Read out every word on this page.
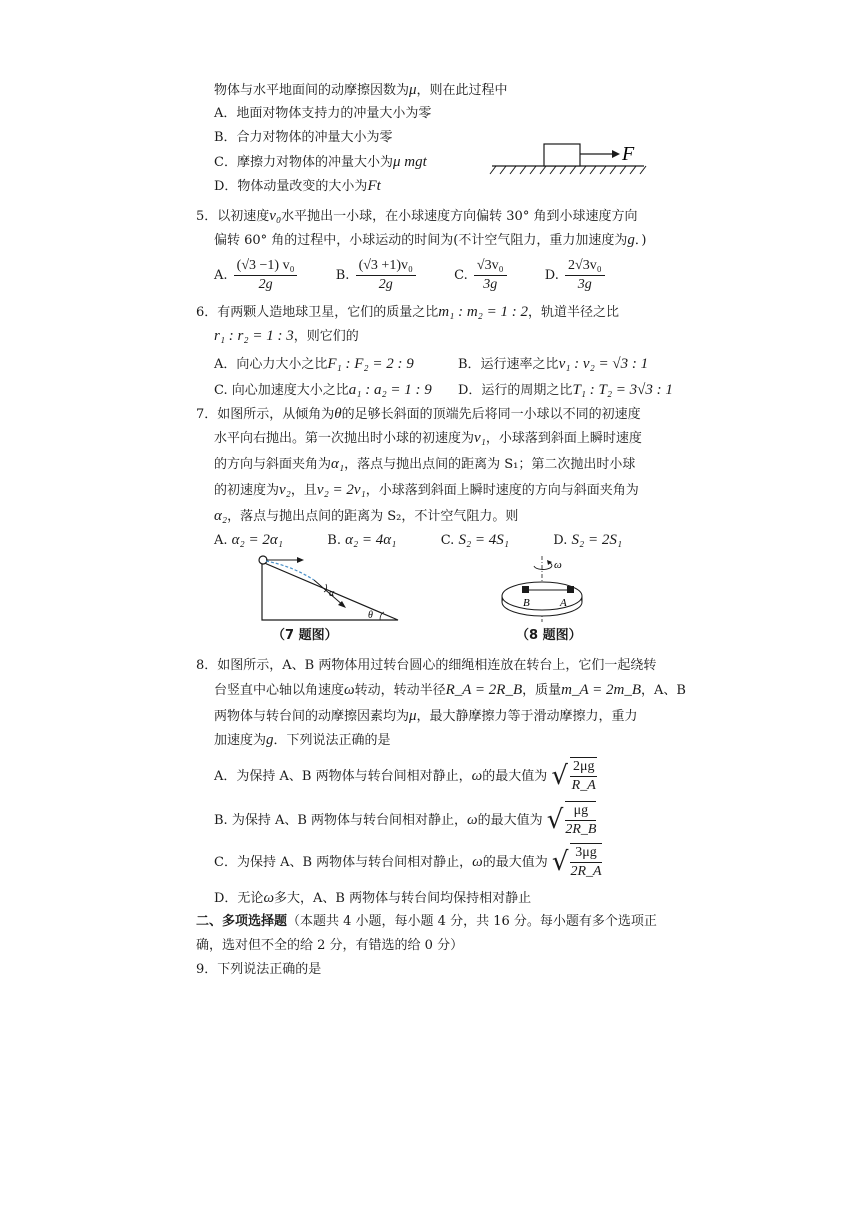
物体与水平地面间的动摩擦因数为μ，则在此过程中
A．地面对物体支持力的冲量大小为零
B．合力对物体的冲量大小为零
C．摩擦力对物体的冲量大小为μ mgt
D．物体动量改变的大小为Ft
F
5．以初速度v₀水平抛出一小球，在小球速度方向偏转 30° 角到小球速度方向
偏转 60° 角的过程中，小球运动的时间为(不计空气阻力，重力加速度为g．)
A. $\frac{\text{(√3 −1) v₀}}{2g}$	B. $\frac{\text{(√3 +1)v₀}}{2g}$	C. $\frac{\text{√3v₀}}{3g}$	D. $\frac{\text{2√3v₀}}{3g}$
6．有两颗人造地球卫星，它们的质量之比m₁ : m₂ = 1 : 2，轨道半径之比
r₁ : r₂ = 1 : 3，则它们的
A．向心力大小之比F₁ : F₂ = 2 : 9	B．运行速率之比v₁ : v₂ = √3 : 1
C. 向心加速度大小之比a₁ : a₂ = 1 : 9 D．运行的周期之比T₁ : T₂ = 3√3 : 1
7．如图所示，从倾角为θ的足够长斜面的顶端先后将同一小球以不同的初速度
水平向右抛出。第一次抛出时小球的初速度为v₁，小球落到斜面上瞬时速度
的方向与斜面夹角为α₁，落点与抛出点间的距离为 S₁；第二次抛出时小球
的初速度为v₂，且v₂ = 2v₁，小球落到斜面上瞬时速度的方向与斜面夹角为
α₂，落点与抛出点间的距离为 S₂，不计空气阻力。则
A. α₂ = 2α₁	B. α₂ = 4α₁	C. S₂ = 4S₁	D. S₂ = 2S₁
α
θ
（7 题图）
ω
B	A
（8 题图）
8．如图所示，A、B 两物体用过转台圆心的细绳相连放在转台上，它们一起绕转
台竖直中心轴以角速度ω转动，转动半径R_A = 2R_B，质量m_A = 2m_B，A、B
两物体与转台间的动摩擦因素均为μ，最大静摩擦力等于滑动摩擦力，重力
加速度为g．下列说法正确的是
A．为保持 A、B 两物体与转台间相对静止，ω的最大值为 √ $\frac{2\mu g}{R\_A}$
B. 为保持 A、B 两物体与转台间相对静止，ω的最大值为 √ $\frac{\mu g}{2R\_B}$
C．为保持 A、B 两物体与转台间相对静止，ω的最大值为 √ $\frac{3\mu g}{2R\_A}$
D．无论ω多大，A、B 两物体与转台间均保持相对静止
二、多项选择题（本题共 4 小题，每小题 4 分，共 16 分。每小题有多个选项正
确，选对但不全的给 2 分，有错选的给 0 分）
9．下列说法正确的是
